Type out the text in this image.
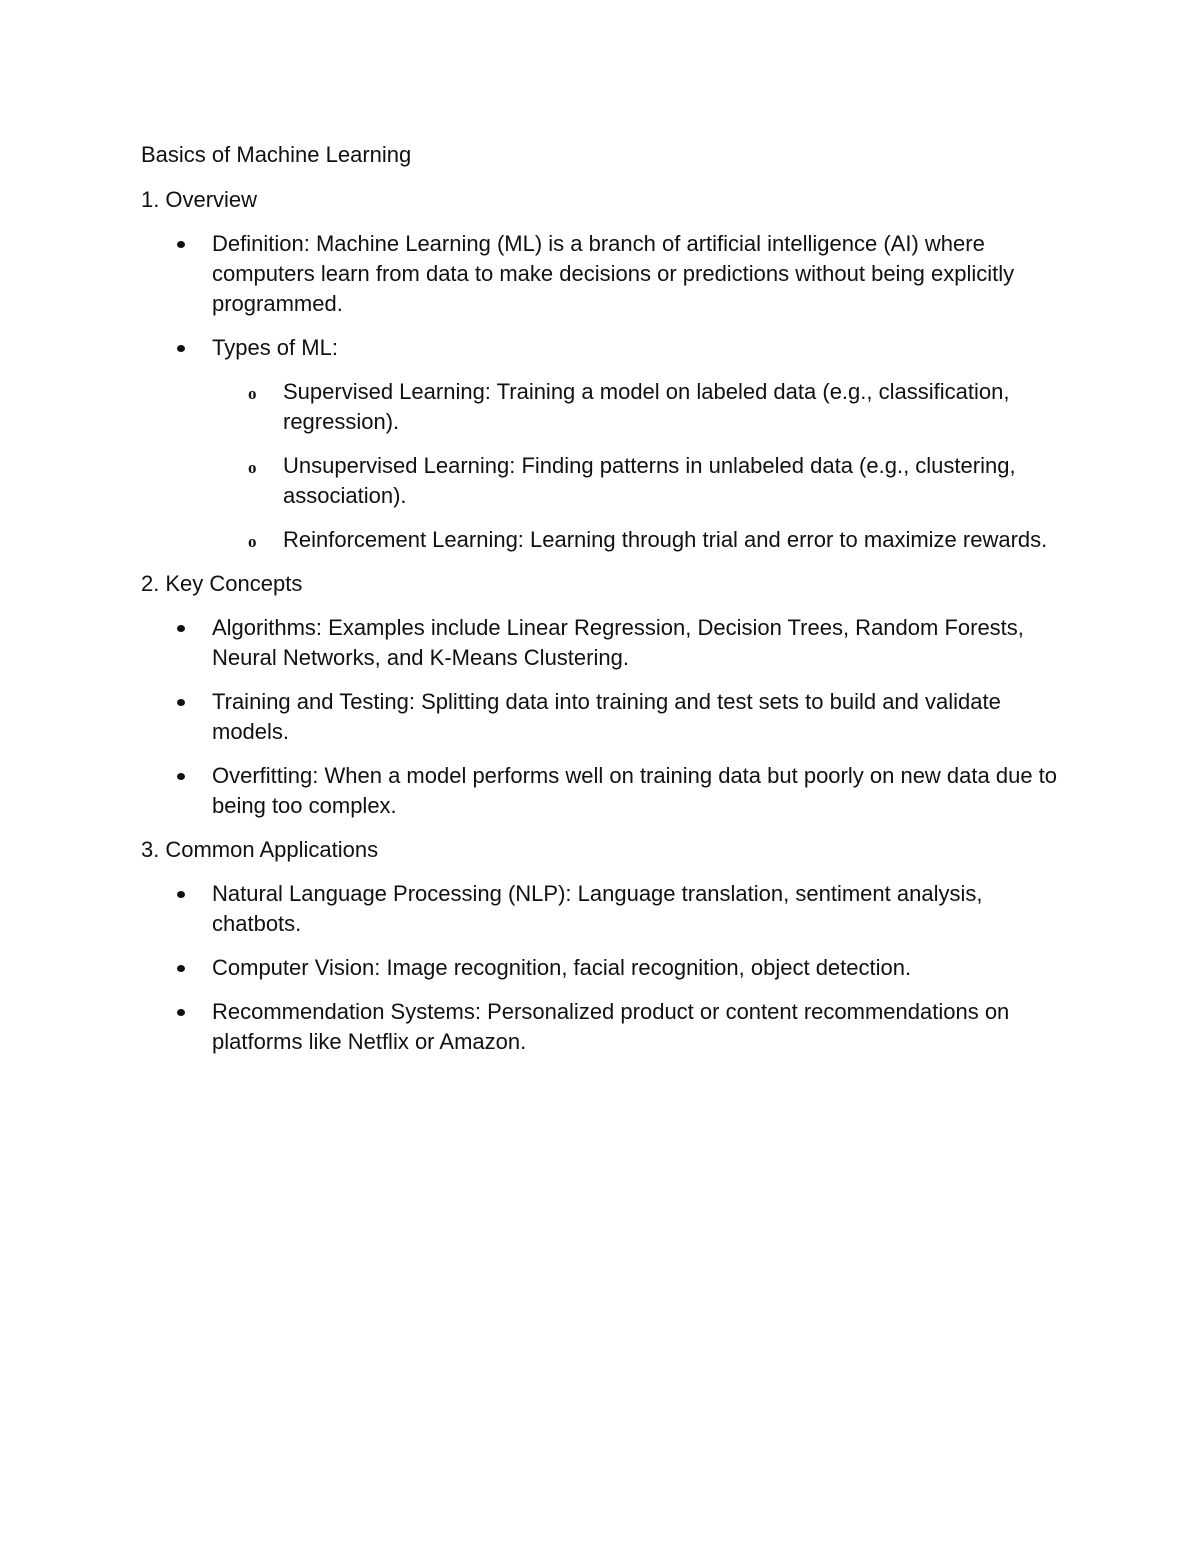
Basics of Machine Learning
1. Overview
Definition: Machine Learning (ML) is a branch of artificial intelligence (AI) where computers learn from data to make decisions or predictions without being explicitly programmed.
Types of ML:
o Supervised Learning: Training a model on labeled data (e.g., classification, regression).
o Unsupervised Learning: Finding patterns in unlabeled data (e.g., clustering, association).
o Reinforcement Learning: Learning through trial and error to maximize rewards.
2. Key Concepts
Algorithms: Examples include Linear Regression, Decision Trees, Random Forests, Neural Networks, and K-Means Clustering.
Training and Testing: Splitting data into training and test sets to build and validate models.
Overfitting: When a model performs well on training data but poorly on new data due to being too complex.
3. Common Applications
Natural Language Processing (NLP): Language translation, sentiment analysis, chatbots.
Computer Vision: Image recognition, facial recognition, object detection.
Recommendation Systems: Personalized product or content recommendations on platforms like Netflix or Amazon.
